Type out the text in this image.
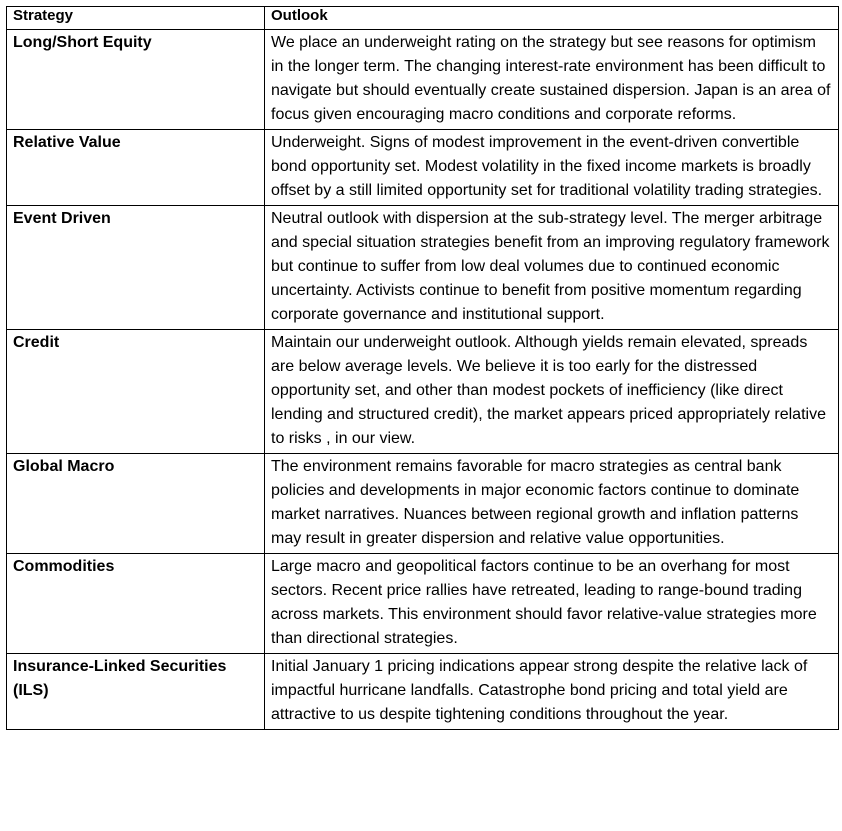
Strategy	Outlook
Long/Short Equity	We place an underweight rating on the strategy but see reasons for optimism in the longer term. The changing interest-rate environment has been difficult to navigate but should eventually create sustained dispersion. Japan is an area of focus given encouraging macro conditions and corporate reforms.
Relative Value	Underweight. Signs of modest improvement in the event-driven convertible bond opportunity set. Modest volatility in the fixed income markets is broadly offset by a still limited opportunity set for traditional volatility trading strategies.
Event Driven	Neutral outlook with dispersion at the sub-strategy level. The merger arbitrage and special situation strategies benefit from an improving regulatory framework but continue to suffer from low deal volumes due to continued economic uncertainty. Activists continue to benefit from positive momentum regarding corporate governance and institutional support.
Credit	Maintain our underweight outlook. Although yields remain elevated, spreads are below average levels. We believe it is too early for the distressed opportunity set, and other than modest pockets of inefficiency (like direct lending and structured credit), the market appears priced appropriately relative to risks , in our view.
Global Macro	The environment remains favorable for macro strategies as central bank policies and developments in major economic factors continue to dominate market narratives. Nuances between regional growth and inflation patterns may result in greater dispersion and relative value opportunities.
Commodities	Large macro and geopolitical factors continue to be an overhang for most sectors. Recent price rallies have retreated, leading to range-bound trading across markets. This environment should favor relative-value strategies more than directional strategies.
Insurance-Linked Securities (ILS)	Initial January 1 pricing indications appear strong despite the relative lack of impactful hurricane landfalls. Catastrophe bond pricing and total yield are attractive to us despite tightening conditions throughout the year.
